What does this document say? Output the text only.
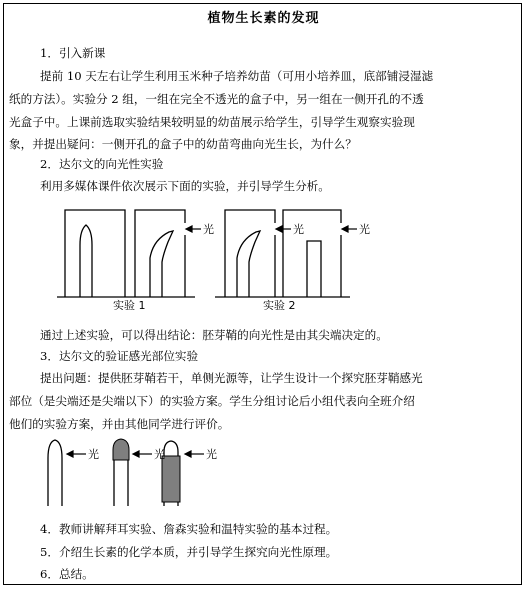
植物生长素的发现
1．引入新课
提前 10 天左右让学生利用玉米种子培养幼苗（可用小培养皿，底部铺浸湿滤
纸的方法）。实验分 2 组，一组在完全不透光的盒子中，另一组在一侧开孔的不透
光盒子中。上课前选取实验结果较明显的幼苗展示给学生，引导学生观察实验现
象，并提出疑问：一侧开孔的盒子中的幼苗弯曲向光生长，为什么？
2．达尔文的向光性实验
利用多媒体课件依次展示下面的实验，并引导学生分析。
光	光	光
实验 1	实验 2
通过上述实验，可以得出结论：胚芽鞘的向光性是由其尖端决定的。
3．达尔文的验证感光部位实验
提出问题：提供胚芽鞘若干，单侧光源等，让学生设计一个探究胚芽鞘感光
部位（是尖端还是尖端以下）的实验方案。学生分组讨论后小组代表向全班介绍
他们的实验方案，并由其他同学进行评价。
光	光	光
4．教师讲解拜耳实验、詹森实验和温特实验的基本过程。
5．介绍生长素的化学本质，并引导学生探究向光性原理。
6．总结。
